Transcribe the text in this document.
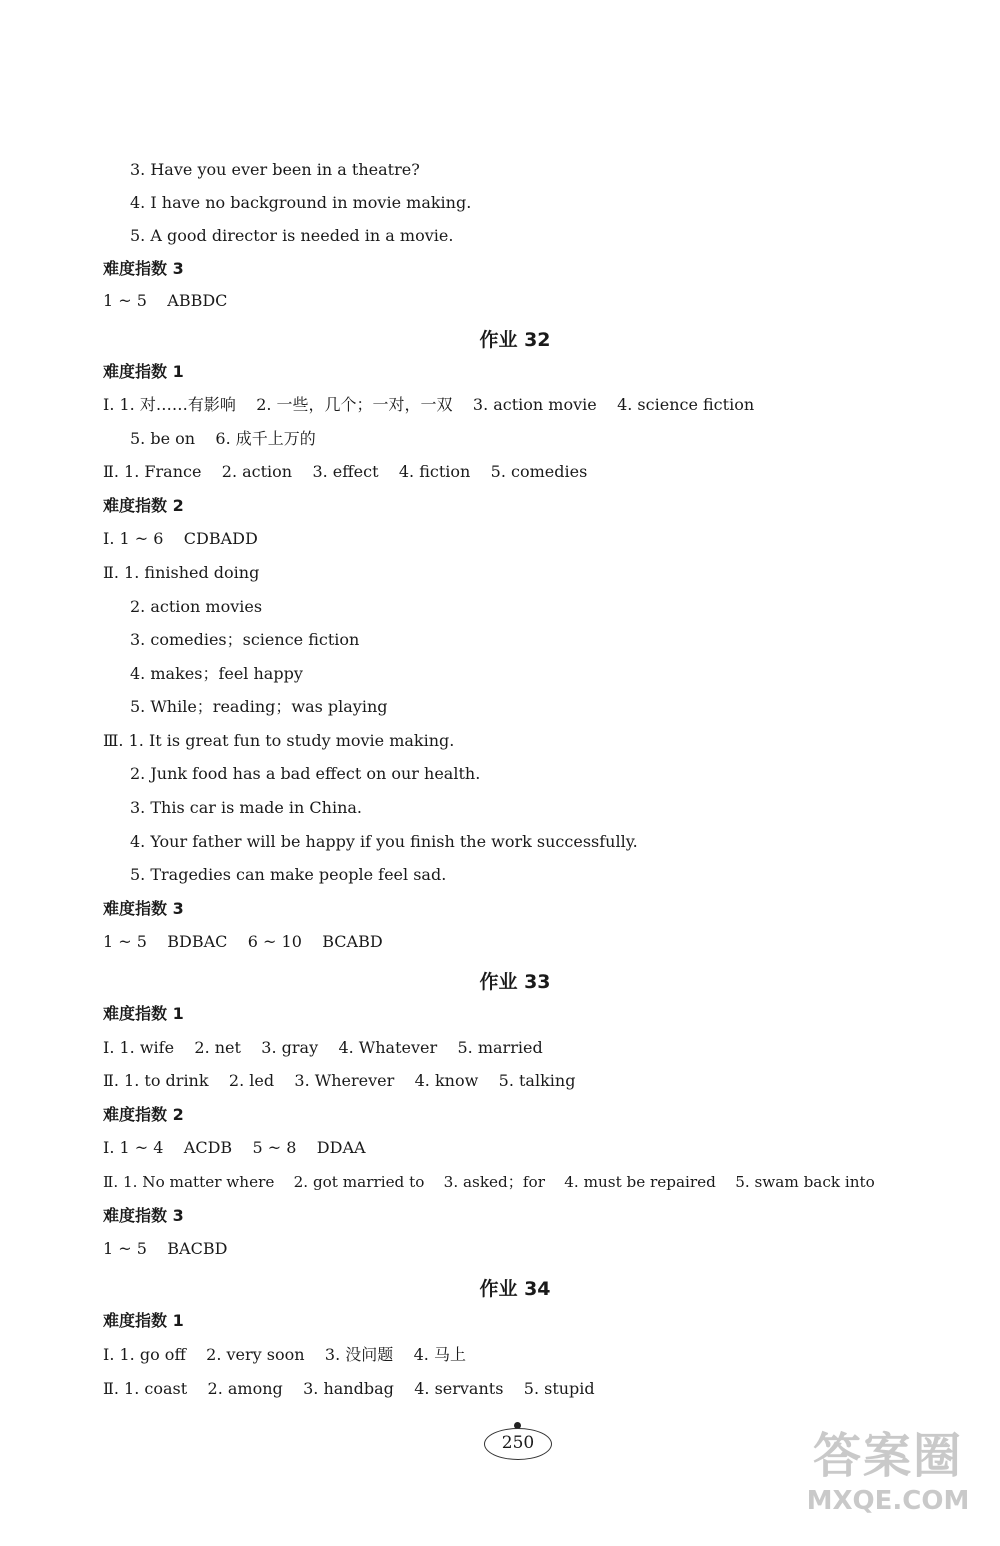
3. Have you ever been in a theatre?
4. I have no background in movie making.
5. A good director is needed in a movie.
难度指数 3
1 ~ 5    ABBDC
作业 32
难度指数 1
Ⅰ. 1. 对……有影响    2. 一些，几个；一对，一双    3. action movie    4. science fiction
5. be on    6. 成千上万的
Ⅱ. 1. France    2. action    3. effect    4. fiction    5. comedies
难度指数 2
Ⅰ. 1 ~ 6    CDBADD
Ⅱ. 1. finished doing
2. action movies
3. comedies；science fiction
4. makes；feel happy
5. While；reading；was playing
Ⅲ. 1. It is great fun to study movie making.
2. Junk food has a bad effect on our health.
3. This car is made in China.
4. Your father will be happy if you finish the work successfully.
5. Tragedies can make people feel sad.
难度指数 3
1 ~ 5    BDBAC    6 ~ 10    BCABD
作业 33
难度指数 1
Ⅰ. 1. wife    2. net    3. gray    4. Whatever    5. married
Ⅱ. 1. to drink    2. led    3. Wherever    4. know    5. talking
难度指数 2
Ⅰ. 1 ~ 4    ACDB    5 ~ 8    DDAA
Ⅱ. 1. No matter where    2. got married to    3. asked；for    4. must be repaired    5. swam back into
难度指数 3
1 ~ 5    BACBD
作业 34
难度指数 1
Ⅰ. 1. go off    2. very soon    3. 没问题    4. 马上
Ⅱ. 1. coast    2. among    3. handbag    4. servants    5. stupid
250	答案圈
MXQE.COM
